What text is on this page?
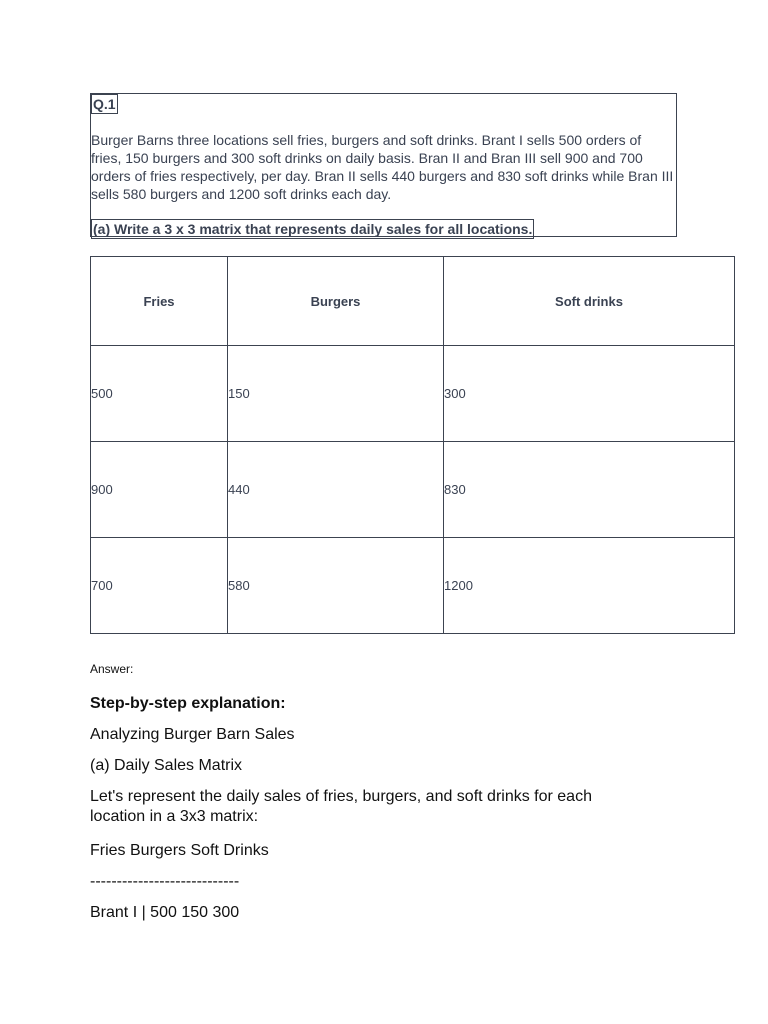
Q.1

Burger Barns three locations sell fries, burgers and soft drinks. Brant I sells 500 orders of fries, 150 burgers and 300 soft drinks on daily basis. Bran II and Bran III sell 900 and 700 orders of fries respectively, per day. Bran II sells 440 burgers and 830 soft drinks while Bran III sells 580 burgers and 1200 soft drinks each day.

(a) Write a 3 x 3 matrix that represents daily sales for all locations.
Fries	Burgers	Soft drinks
500	150	300
900	440	830
700	580	1200
Answer:
Step-by-step explanation:
Analyzing Burger Barn Sales
(a) Daily Sales Matrix
Let's represent the daily sales of fries, burgers, and soft drinks for each location in a 3x3 matrix:
Fries Burgers Soft Drinks
----------------------------
Brant I | 500 150 300
